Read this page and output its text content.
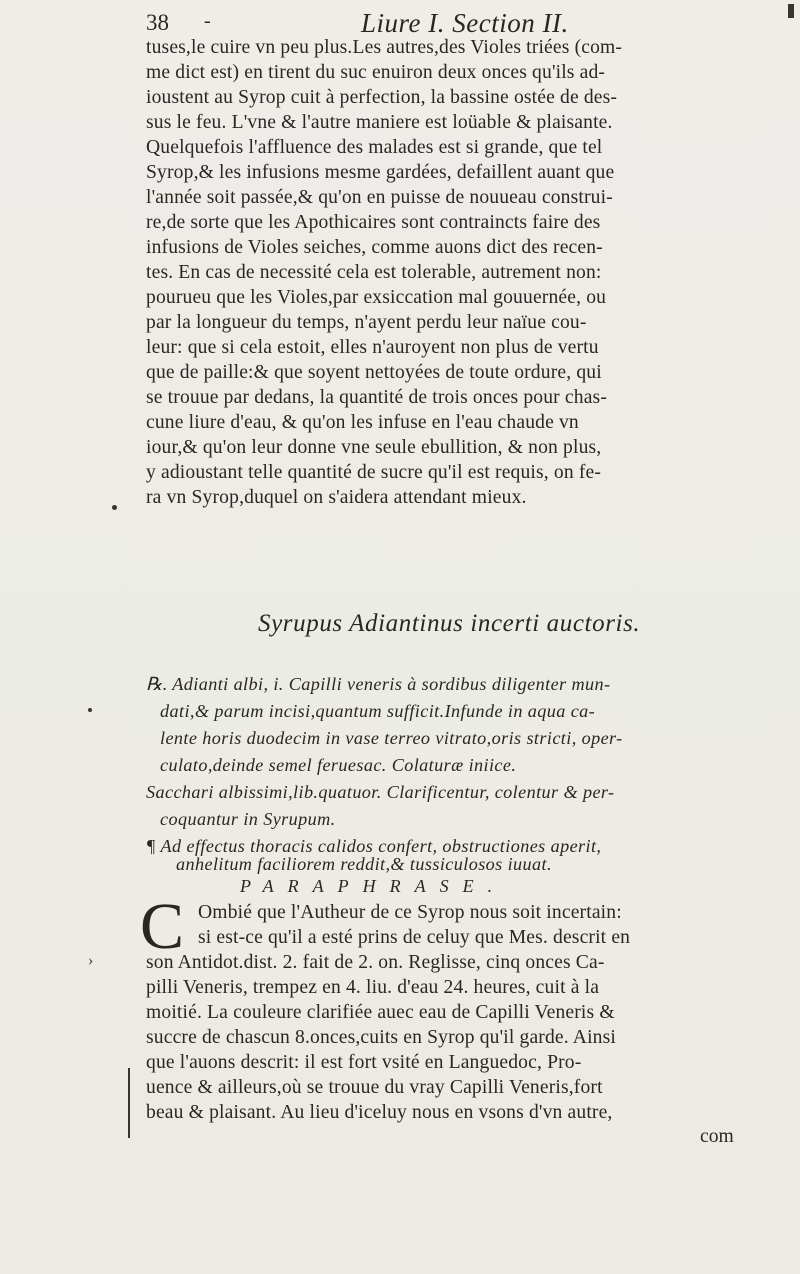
38 -	Liure I. Section II.
tuses,le cuire vn peu plus.Les autres,des Violes triées (com-
me dict est) en tirent du suc enuiron deux onces qu'ils ad-
ioustent au Syrop cuit à perfection, la bassine ostée de des-
sus le feu. L'vne & l'autre maniere est loüable & plaisante.
Quelquefois l'affluence des malades est si grande, que tel
Syrop,& les infusions mesme gardées, defaillent auant que
l'année soit passée,& qu'on en puisse de nouueau construi-
re,de sorte que les Apothicaires sont contraincts faire des
infusions de Violes seiches, comme auons dict des recen-
tes. En cas de necessité cela est tolerable, autrement non:
pourueu que les Violes,par exsiccation mal gouuernée, ou
par la longueur du temps, n'ayent perdu leur naïue cou-
leur: que si cela estoit, elles n'auroyent non plus de vertu
que de paille:& que soyent nettoyées de toute ordure, qui
se trouue par dedans, la quantité de trois onces pour chas-
cune liure d'eau, & qu'on les infuse en l'eau chaude vn
iour,& qu'on leur donne vne seule ebullition, & non plus,
y adioustant telle quantité de sucre qu'il est requis, on fe-
ra vn Syrop,duquel on s'aidera attendant mieux.
Syrupus Adiantinus incerti auctoris.
℞. Adianti albi, i. Capilli veneris à sordibus diligenter mun-
dati,& parum incisi,quantum sufficit.Infunde in aqua ca-
lente horis duodecim in vase terreo vitrato,oris stricti, oper-
culato,deinde semel feruesac. Colaturæ iniice.
Sacchari albissimi,lib.quatuor. Clarificentur, colentur & per-
coquantur in Syrupum.
¶ Ad effectus thoracis calidos confert, obstructiones aperit,
anhelitum faciliorem reddit,& tussiculosos iuuat.
PARAPHRASE.
C Ombié que l'Autheur de ce Syrop nous soit incertain:
si est-ce qu'il a esté prins de celuy que Mes. descrit en
son Antidot.dist. 2. fait de 2. on. Reglisse, cinq onces Ca-
pilli Veneris, trempez en 4. liu. d'eau 24. heures, cuit à la
moitié. La couleure clarifiée auec eau de Capilli Veneris &
succre de chascun 8.onces,cuits en Syrop qu'il garde. Ainsi
que l'auons descrit: il est fort vsité en Languedoc, Pro-
uence & ailleurs,où se trouue du vray Capilli Veneris,fort
beau & plaisant. Au lieu d'iceluy nous en vsons d'vn autre,
com
›
